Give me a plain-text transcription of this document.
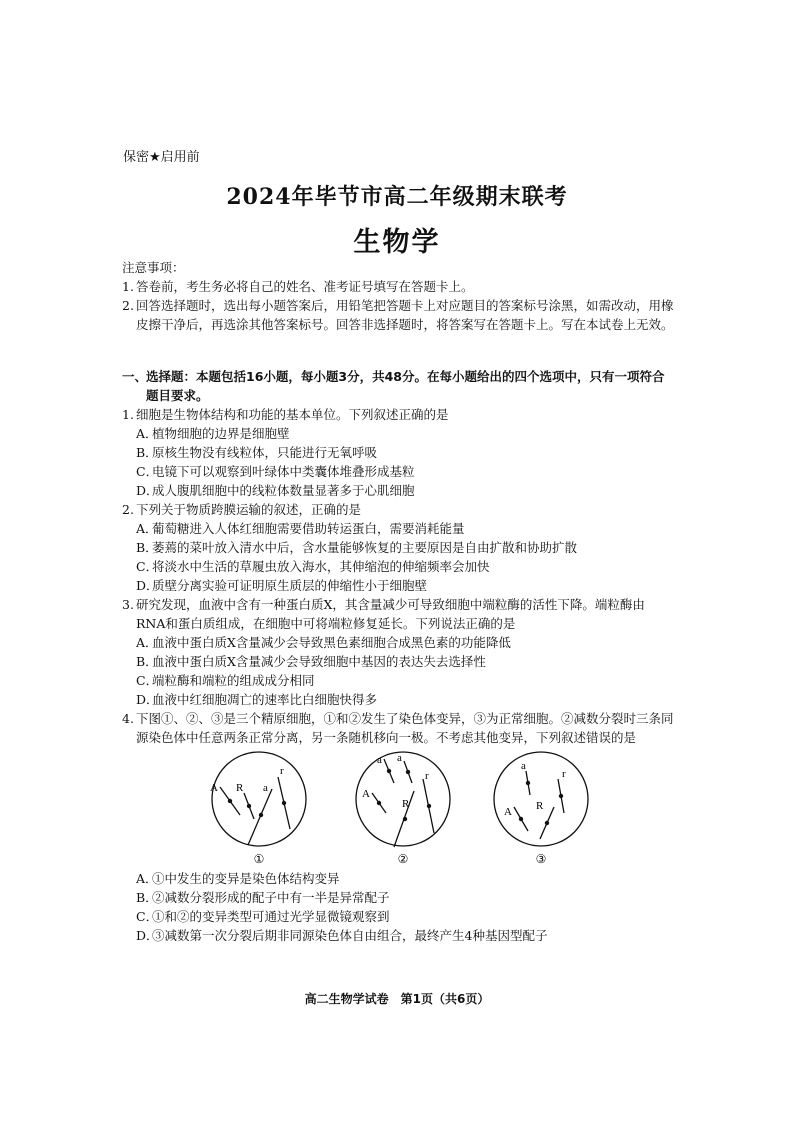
保密★启用前
2024年毕节市高二年级期末联考
生物学
注意事项：
1. 答卷前，考生务必将自己的姓名、准考证号填写在答题卡上。
2. 回答选择题时，选出每小题答案后，用铅笔把答题卡上对应题目的答案标号涂黑，如需改动，用橡皮擦干净后，再选涂其他答案标号。回答非选择题时，将答案写在答题卡上。写在本试卷上无效。
一、
选择题：本题包括16小题，每小题3分，共48分。在每小题给出的四个选项中，只有一项符合题目要求。
1. 细胞是生物体结构和功能的基本单位。下列叙述正确的是
A．
植物细胞的边界是细胞壁
B．
原核生物没有线粒体，只能进行无氧呼吸
C．
电镜下可以观察到叶绿体中类囊体堆叠形成基粒
D．
成人腹肌细胞中的线粒体数量显著多于心肌细胞
2. 下列关于物质跨膜运输的叙述，正确的是
A．
葡萄糖进入人体红细胞需要借助转运蛋白，需要消耗能量
B．
萎蔫的菜叶放入清水中后，含水量能够恢复的主要原因是自由扩散和协助扩散
C．
将淡水中生活的草履虫放入海水，其伸缩泡的伸缩频率会加快
D．
质壁分离实验可证明原生质层的伸缩性小于细胞壁
3. 研究发现，血液中含有一种蛋白质X，其含量减少可导致细胞中端粒酶的活性下降。端粒酶由RNA和蛋白质组成，在细胞中可将端粒修复延长。下列说法正确的是
A．
血液中蛋白质X含量减少会导致黑色素细胞合成黑色素的功能降低
B．
血液中蛋白质X含量减少会导致细胞中基因的表达失去选择性
C．
端粒酶和端粒的组成成分相同
D．
血液中红细胞凋亡的速率比白细胞快得多
4. 下图①、②、③是三个精原细胞，①和②发生了染色体变异，③为正常细胞。②减数分裂时三条同源染色体中任意两条正常分离，另一条随机移向一极。不考虑其他变异，下列叙述错误的是
A R a
r
①
a a
A
R
r
②
a
R
r
A
③
A．
①中发生的变异是染色体结构变异
B．
②减数分裂形成的配子中有一半是异常配子
C．
①和②的变异类型可通过光学显微镜观察到
D．
③减数第一次分裂后期非同源染色体自由组合，最终产生4种基因型配子
高二生物学试卷　第1页（共6页）
